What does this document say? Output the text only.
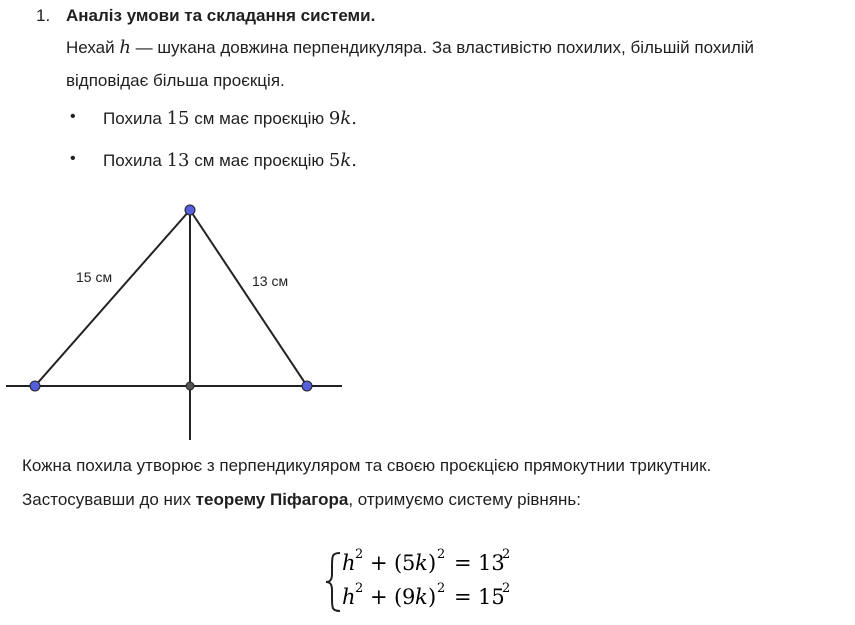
1. Аналіз умови та складання системи.
Нехай h — шукана довжина перпендикуляра. За властивістю похилих, більшій похилій
відповідає більша проєкція.
• Похила 15 см має проєкцію 9k.
• Похила 13 см має проєкцію 5k.
15 см	13 см
h 2 + ( 5 k ) 2 = 13
2
h 2 + ( 9 k ) 2 = 15
2
Кожна похила утворює з перпендикуляром та своєю проєкцією прямокутнии трикутник.
Застосувавши до них теорему Піфагора, отримуємо систему рівнянь:
